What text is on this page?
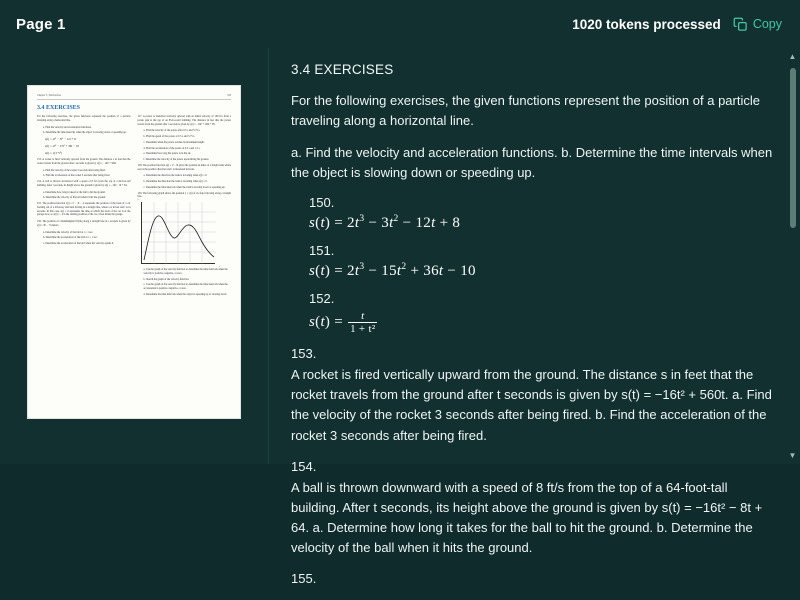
Page 1	1020 tokens processed	Copy
Chapter 3 | Derivatives	333
3.4 EXERCISES
For the following exercises, the given functions represent the position of a particle traveling along a horizontal line.
a. Find the velocity and acceleration functions.
b. Determine the time intervals when the object is slowing down or speeding up.
s(t) = 2t³ − 3t² − 12t + 8
s(t) = 2t³ − 15t² + 36t − 10
s(t) = t/(1+t²)
153. A rocket is fired vertically upward from the ground. The distance s in feet that the rocket travels from the ground after t seconds is given by s(t) = −16t² + 560t.
a. Find the velocity of the rocket 3 seconds after being fired.
b. Find the acceleration of the rocket 3 seconds after being fired.
154. A ball is thrown downward with a speed of 8 ft/s from the top of a 64-foot-tall building. After t seconds, its height above the ground is given by s(t) = −16t² − 8t + 64.
a. Determine how long it takes for the ball to hit the ground.
b. Determine the velocity of the ball when it hits the ground.
155. The position function s(t) = t² − 3t − 4 represents the position of the back of a car backing out of a driveway and then driving in a straight line, where s is in feet and t is in seconds. In this case, s(t) = 0 represents the time at which the back of the car is at the garage door, so s(0) = −4 is the starting position of the car, 4 feet inside the garage.
156. The position of a hummingbird flying along a straight line in t seconds is given by s(t) = 3t³ − 7t meters.
a. Determine the velocity of the bird at t = 1 sec.
b. Determine the acceleration of the bird at t = 1 sec.
c. Determine the acceleration of the bird when the velocity equals 0.
157. A potato is launched vertically upward with an initial velocity of 100 ft/s from a potato gun at the top of an 85-foot-tall building. The distance in feet that the potato travels from the ground after t seconds is given by s(t) = −16t² + 100t + 85.
a. Find the velocity of the potato after 0.5 s and 5.75 s.
b. Find the speed of the potato at 0.5 s and 5.75 s.
c. Determine when the potato reaches its maximum height.
d. Find the acceleration of the potato at 0.5 s and 1.5 s.
e. Determine how long the potato is in the air.
f. Determine the velocity of the potato upon hitting the ground.
158. The position function s(t) = t³ − 8t gives the position in miles of a freight train where east is the positive direction and t is measured in hours.
a. Determine the direction the train is traveling when s(t) = 0.
b. Determine the direction the train is traveling when a(t) = 0.
c. Determine the time intervals when the train is slowing down or speeding up.
159. The following graph shows the position y = s(t) of an object moving along a straight line.
y
t
a. Use the graph of the velocity function to determine the time intervals when the velocity is positive, negative, or zero.
b. Sketch the graph of the velocity function.
c. Use the graph of the velocity function to determine the time intervals when the acceleration is positive, negative, or zero.
d. Determine the time intervals when the object is speeding up or slowing down.
3.4 EXERCISES
For the following exercises, the given functions represent the position of a particle traveling along a horizontal line.
a. Find the velocity and acceleration functions. b. Determine the time intervals when the object is slowing down or speeding up.
150.
$s(t) = 2t^3 - 3t^2 - 12t + 8$
151.
$s(t) = 2t^3 - 15t^2 + 36t - 10$
152.
$s(t) = \frac{t}{\text{1 + t²}}$
153.
A rocket is fired vertically upward from the ground. The distance s in feet that the rocket travels from the ground after t seconds is given by s(t) = −16t² + 560t. a. Find the velocity of the rocket 3 seconds after being fired. b. Find the acceleration of the rocket 3 seconds after being fired.
154.
A ball is thrown downward with a speed of 8 ft/s from the top of a 64-foot-tall building. After t seconds, its height above the ground is given by s(t) = −16t² − 8t + 64. a. Determine how long it takes for the ball to hit the ground. b. Determine the velocity of the ball when it hits the ground.
155.
▲
▼
